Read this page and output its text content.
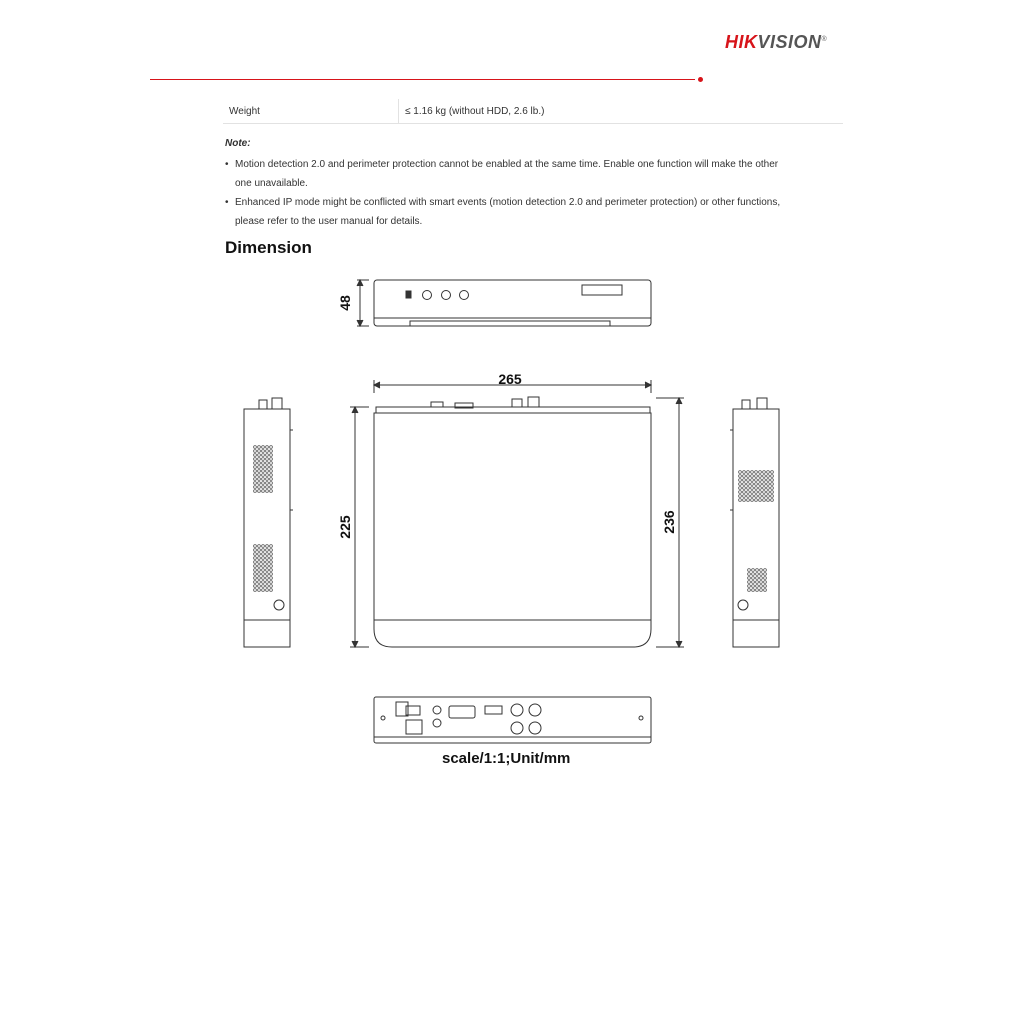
HIKVISION®
Weight	≤ 1.16 kg (without HDD, 2.6 lb.)
Note:
• Motion detection 2.0 and perimeter protection cannot be enabled at the same time. Enable one function will make the other one unavailable.
• Enhanced IP mode might be conflicted with smart events (motion detection 2.0 and perimeter protection) or other functions, please refer to the user manual for details.
Dimension
48
265
225	236
scale/1:1;Unit/mm
